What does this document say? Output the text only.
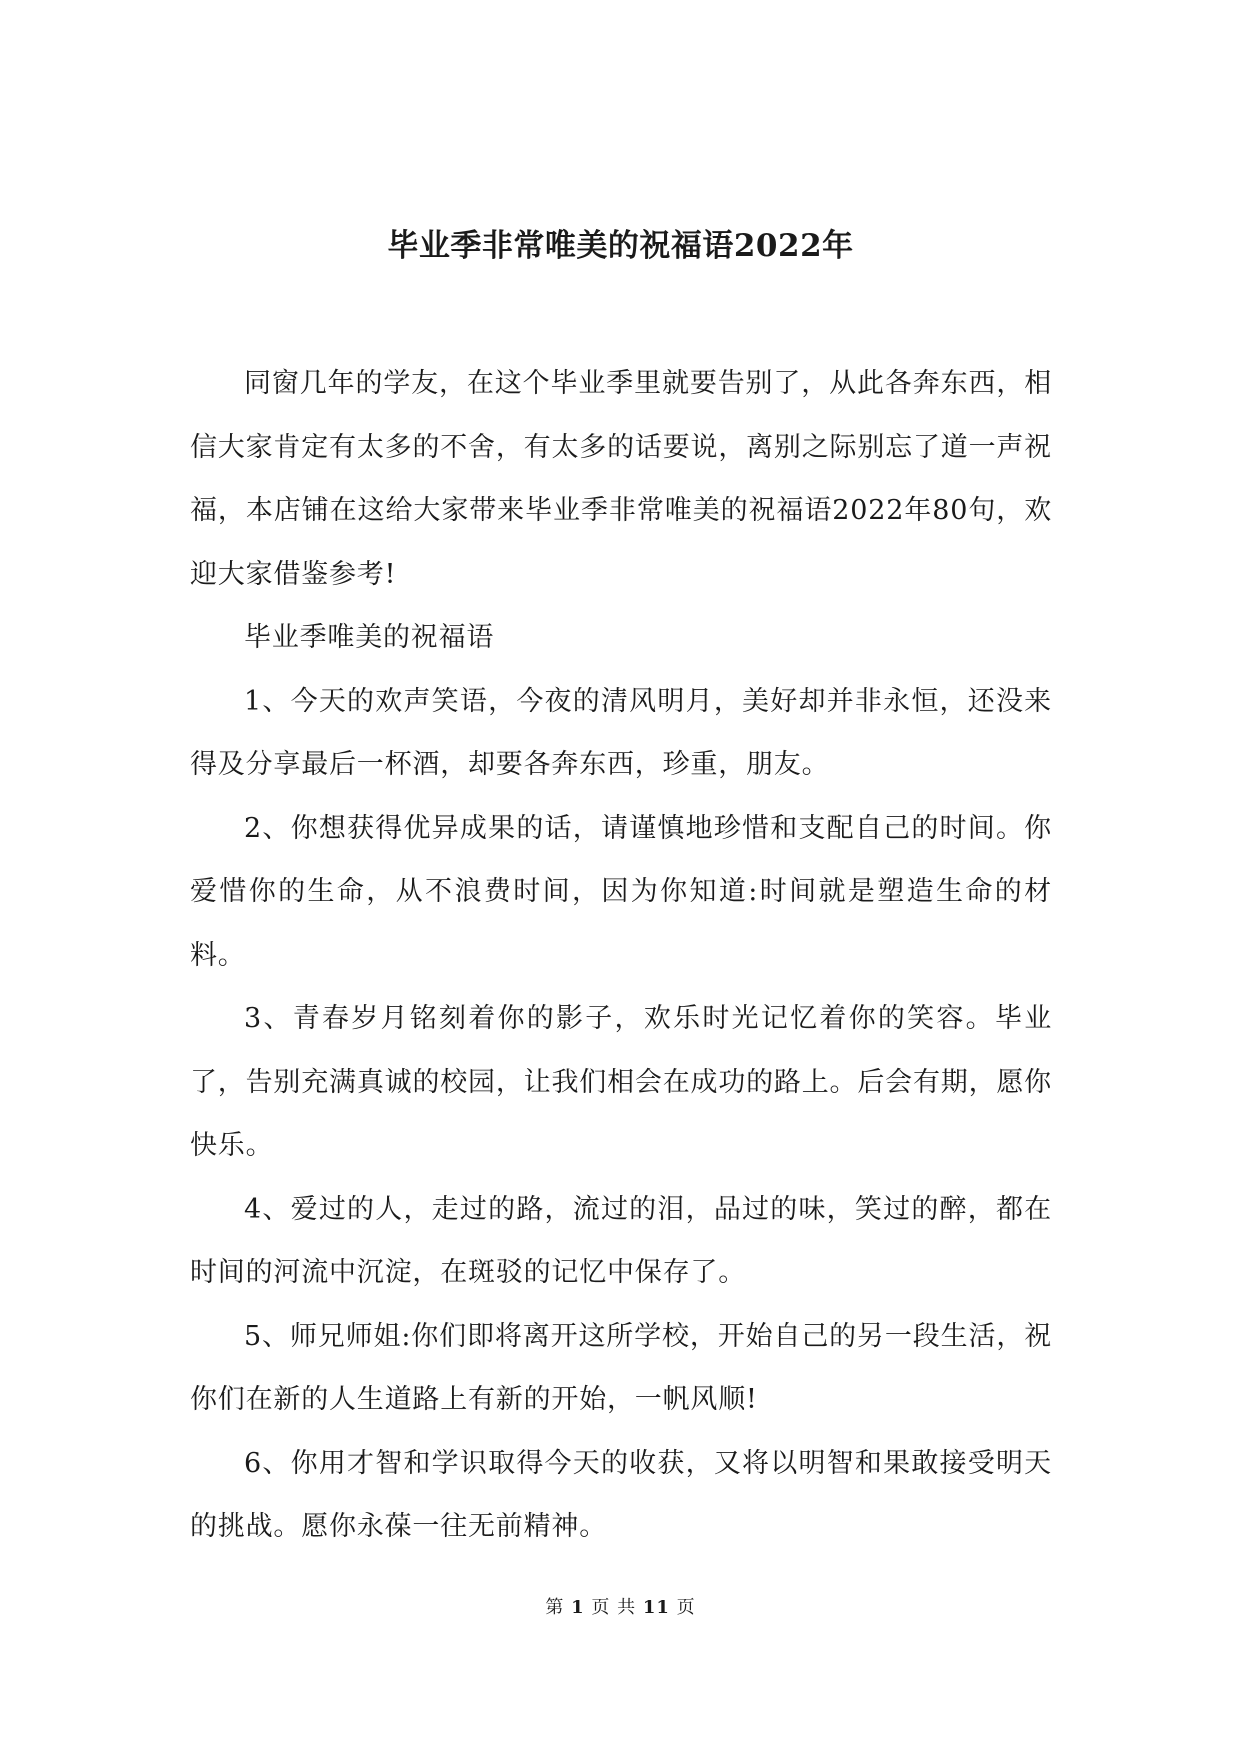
毕业季非常唯美的祝福语2022年

同窗几年的学友，在这个毕业季里就要告别了，从此各奔东西，相信大家肯定有太多的不舍，有太多的话要说，离别之际别忘了道一声祝福，本店铺在这给大家带来毕业季非常唯美的祝福语2022年80句，欢迎大家借鉴参考!

毕业季唯美的祝福语

1、今天的欢声笑语，今夜的清风明月，美好却并非永恒，还没来得及分享最后一杯酒，却要各奔东西，珍重，朋友。

2、你想获得优异成果的话，请谨慎地珍惜和支配自己的时间。你爱惜你的生命，从不浪费时间，因为你知道:时间就是塑造生命的材料。

3、青春岁月铭刻着你的影子，欢乐时光记忆着你的笑容。毕业了，告别充满真诚的校园，让我们相会在成功的路上。后会有期，愿你快乐。

4、爱过的人，走过的路，流过的泪，品过的味，笑过的醉，都在时间的河流中沉淀，在斑驳的记忆中保存了。

5、师兄师姐:你们即将离开这所学校，开始自己的另一段生活，祝你们在新的人生道路上有新的开始，一帆风顺!

6、你用才智和学识取得今天的收获，又将以明智和果敢接受明天的挑战。愿你永葆一往无前精神。

第 1 页 共 11 页
